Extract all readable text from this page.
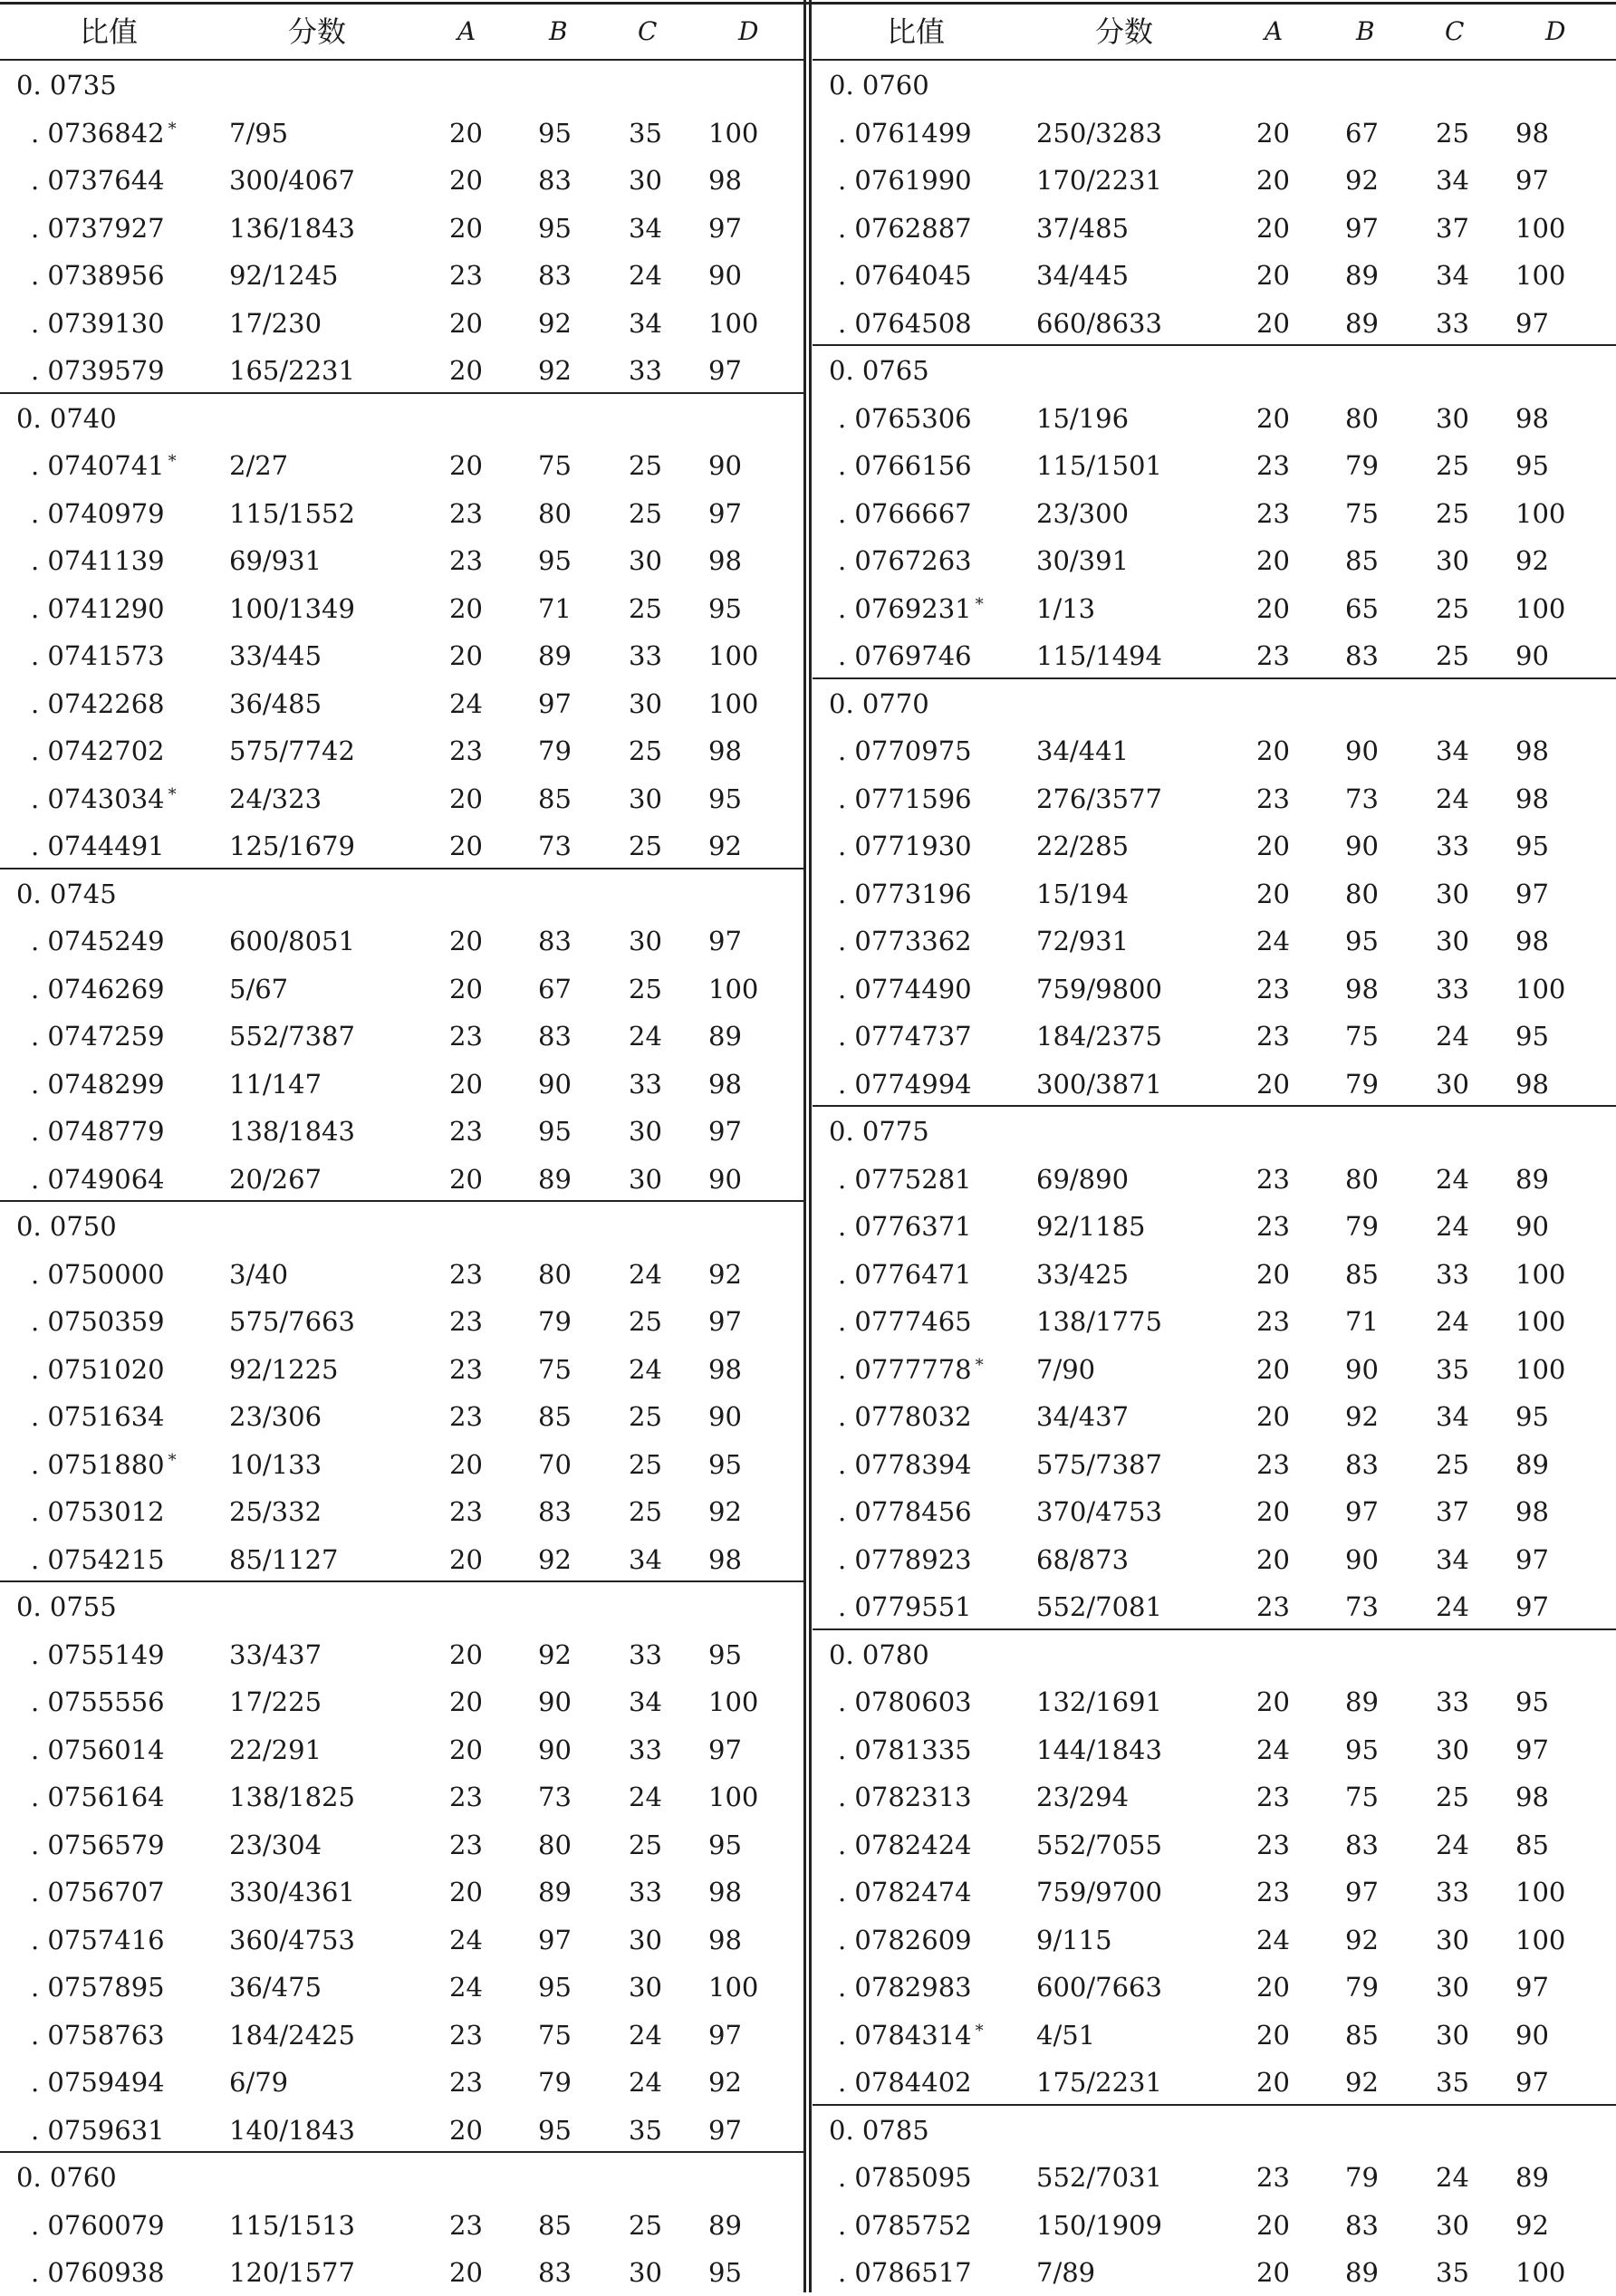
比值	分数	A	B	C	D
0. 0735
. 0736842 * 7/95	20 95 35 100
. 0737644 300/4067	20 83 30 98
. 0737927 136/1843	20 95 34 97
. 0738956 92/1245	23 83 24 90
. 0739130 17/230	20 92 34 100
. 0739579 165/2231	20 92 33 97
0. 0740
. 0740741 * 2/27	20 75 25 90
. 0740979 115/1552	23 80 25 97
. 0741139 69/931	23 95 30 98
. 0741290 100/1349	20 71 25 95
. 0741573 33/445	20 89 33 100
. 0742268 36/485	24 97 30 100
. 0742702 575/7742	23 79 25 98
. 0743034 * 24/323	20 85 30 95
. 0744491 125/1679	20 73 25 92
0. 0745
. 0745249 600/8051	20 83 30 97
. 0746269 5/67	20 67 25 100
. 0747259 552/7387	23 83 24 89
. 0748299 11/147	20 90 33 98
. 0748779 138/1843	23 95 30 97
. 0749064 20/267	20 89 30 90
0. 0750
. 0750000 3/40	23 80 24 92
. 0750359 575/7663	23 79 25 97
. 0751020 92/1225	23 75 24 98
. 0751634 23/306	23 85 25 90
. 0751880 * 10/133	20 70 25 95
. 0753012 25/332	23 83 25 92
. 0754215 85/1127	20 92 34 98
0. 0755
. 0755149 33/437	20 92 33 95
. 0755556 17/225	20 90 34 100
. 0756014 22/291	20 90 33 97
. 0756164 138/1825	23 73 24 100
. 0756579 23/304	23 80 25 95
. 0756707 330/4361	20 89 33 98
. 0757416 360/4753	24 97 30 98
. 0757895 36/475	24 95 30 100
. 0758763 184/2425	23 75 24 97
. 0759494 6/79	23 79 24 92
. 0759631 140/1843	20 95 35 97
0. 0760
. 0760079 115/1513	23 85 25 89
. 0760938 120/1577	20 83 30 95
比值	分数	A	B	C	D
0. 0760
. 0761499 250/3283	20 67 25 98
. 0761990 170/2231	20 92 34 97
. 0762887 37/485	20 97 37 100
. 0764045 34/445	20 89 34 100
. 0764508 660/8633	20 89 33 97
0. 0765
. 0765306 15/196	20 80 30 98
. 0766156 115/1501	23 79 25 95
. 0766667 23/300	23 75 25 100
. 0767263 30/391	20 85 30 92
. 0769231 * 1/13	20 65 25 100
. 0769746 115/1494	23 83 25 90
0. 0770
. 0770975 34/441	20 90 34 98
. 0771596 276/3577	23 73 24 98
. 0771930 22/285	20 90 33 95
. 0773196 15/194	20 80 30 97
. 0773362 72/931	24 95 30 98
. 0774490 759/9800	23 98 33 100
. 0774737 184/2375	23 75 24 95
. 0774994 300/3871	20 79 30 98
0. 0775
. 0775281 69/890	23 80 24 89
. 0776371 92/1185	23 79 24 90
. 0776471 33/425	20 85 33 100
. 0777465 138/1775	23 71 24 100
. 0777778 * 7/90	20 90 35 100
. 0778032 34/437	20 92 34 95
. 0778394 575/7387	23 83 25 89
. 0778456 370/4753	20 97 37 98
. 0778923 68/873	20 90 34 97
. 0779551 552/7081	23 73 24 97
0. 0780
. 0780603 132/1691	20 89 33 95
. 0781335 144/1843	24 95 30 97
. 0782313 23/294	23 75 25 98
. 0782424 552/7055	23 83 24 85
. 0782474 759/9700	23 97 33 100
. 0782609 9/115	24 92 30 100
. 0782983 600/7663	20 79 30 97
. 0784314 * 4/51	20 85 30 90
. 0784402 175/2231	20 92 35 97
0. 0785
. 0785095 552/7031	23 79 24 89
. 0785752 150/1909	20 83 30 92
. 0786517 7/89	20 89 35 100
